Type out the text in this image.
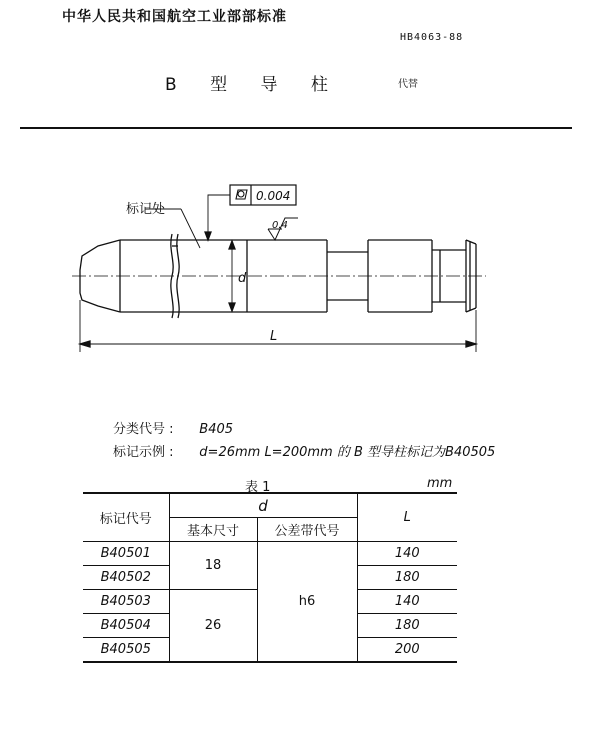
中华人民共和国航空工业部部标准
HB4063-88
B 型 导 柱	代替
标记处
0.004
0.4
d
L
分类代号 : B405
标记示例 : d=26mm L=200mm 的 B 型导柱标记为B40505
表 1	mm
标记代号	d		L
	基本尺寸	公差带代号	
B40501	18	h6	140
B40502			180
B40503	26		140
B40504			180
B40505			200
